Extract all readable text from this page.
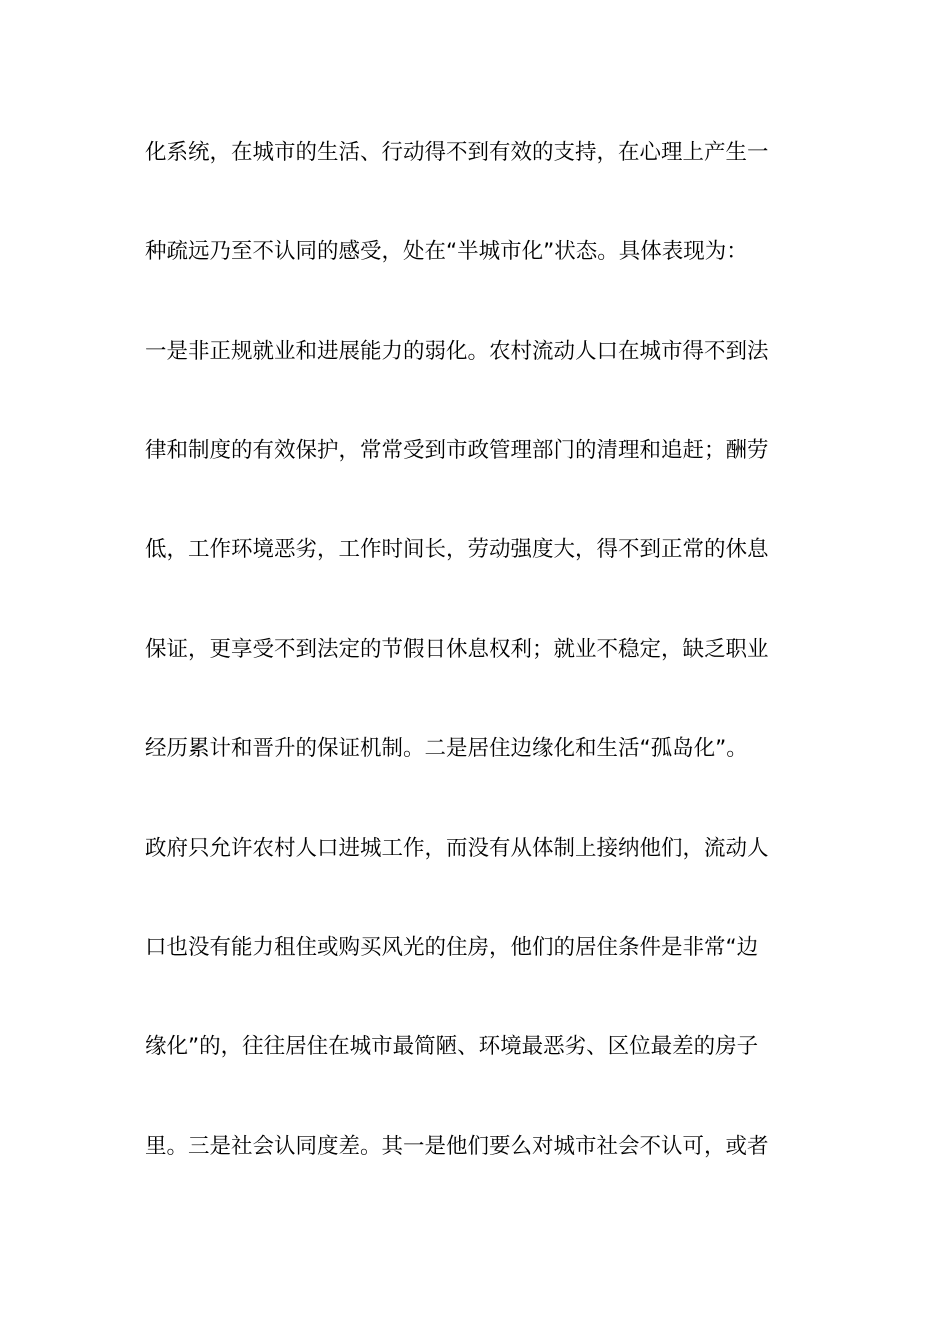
化系统，在城市的生活、行动得不到有效的支持，在心理上产生一
种疏远乃至不认同的感受，处在“半城市化”状态。具体表现为：
一是非正规就业和进展能力的弱化。农村流动人口在城市得不到法
律和制度的有效保护，常常受到市政管理部门的清理和追赶；酬劳
低，工作环境恶劣，工作时间长，劳动强度大，得不到正常的休息
保证，更享受不到法定的节假日休息权利；就业不稳定，缺乏职业
经历累计和晋升的保证机制。二是居住边缘化和生活“孤岛化”。
政府只允许农村人口进城工作，而没有从体制上接纳他们，流动人
口也没有能力租住或购买风光的住房，他们的居住条件是非常“边
缘化”的，往往居住在城市最简陋、环境最恶劣、区位最差的房子
里。三是社会认同度差。其一是他们要么对城市社会不认可，或者
